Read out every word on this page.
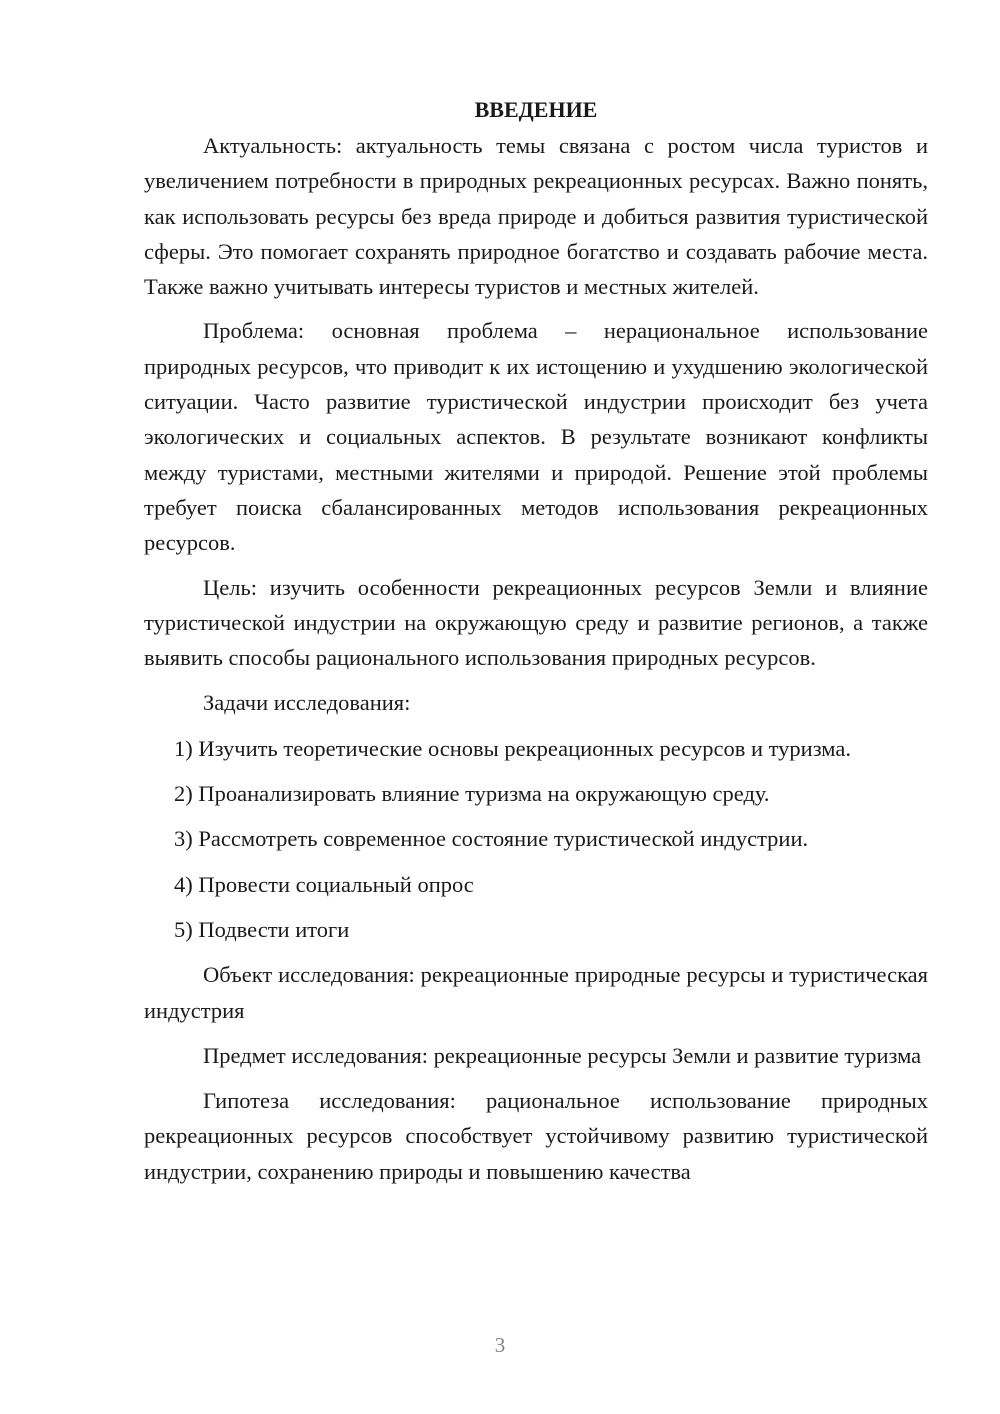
ВВЕДЕНИЕ

Актуальность: актуальность темы связана с ростом числа туристов и увеличением потребности в природных рекреационных ресурсах. Важно понять, как использовать ресурсы без вреда природе и добиться развития туристической сферы. Это помогает сохранять природное богатство и создавать рабочие места. Также важно учитывать интересы туристов и местных жителей.

Проблема: основная проблема – нерациональное использование природных ресурсов, что приводит к их истощению и ухудшению экологической ситуации. Часто развитие туристической индустрии происходит без учета экологических и социальных аспектов. В результате возникают конфликты между туристами, местными жителями и природой. Решение этой проблемы требует поиска сбалансированных методов использования рекреационных ресурсов.

Цель: изучить особенности рекреационных ресурсов Земли и влияние туристической индустрии на окружающую среду и развитие регионов, а также выявить способы рационального использования природных ресурсов.

Задачи исследования:

1) Изучить теоретические основы рекреационных ресурсов и туризма.

2) Проанализировать влияние туризма на окружающую среду.

3) Рассмотреть современное состояние туристической индустрии.

4) Провести социальный опрос

5) Подвести итоги

Объект исследования: рекреационные природные ресурсы и туристическая индустрия

Предмет исследования: рекреационные ресурсы Земли и развитие туризма

Гипотеза исследования: рациональное использование природных рекреационных ресурсов способствует устойчивому развитию туристической индустрии, сохранению природы и повышению качества

3
